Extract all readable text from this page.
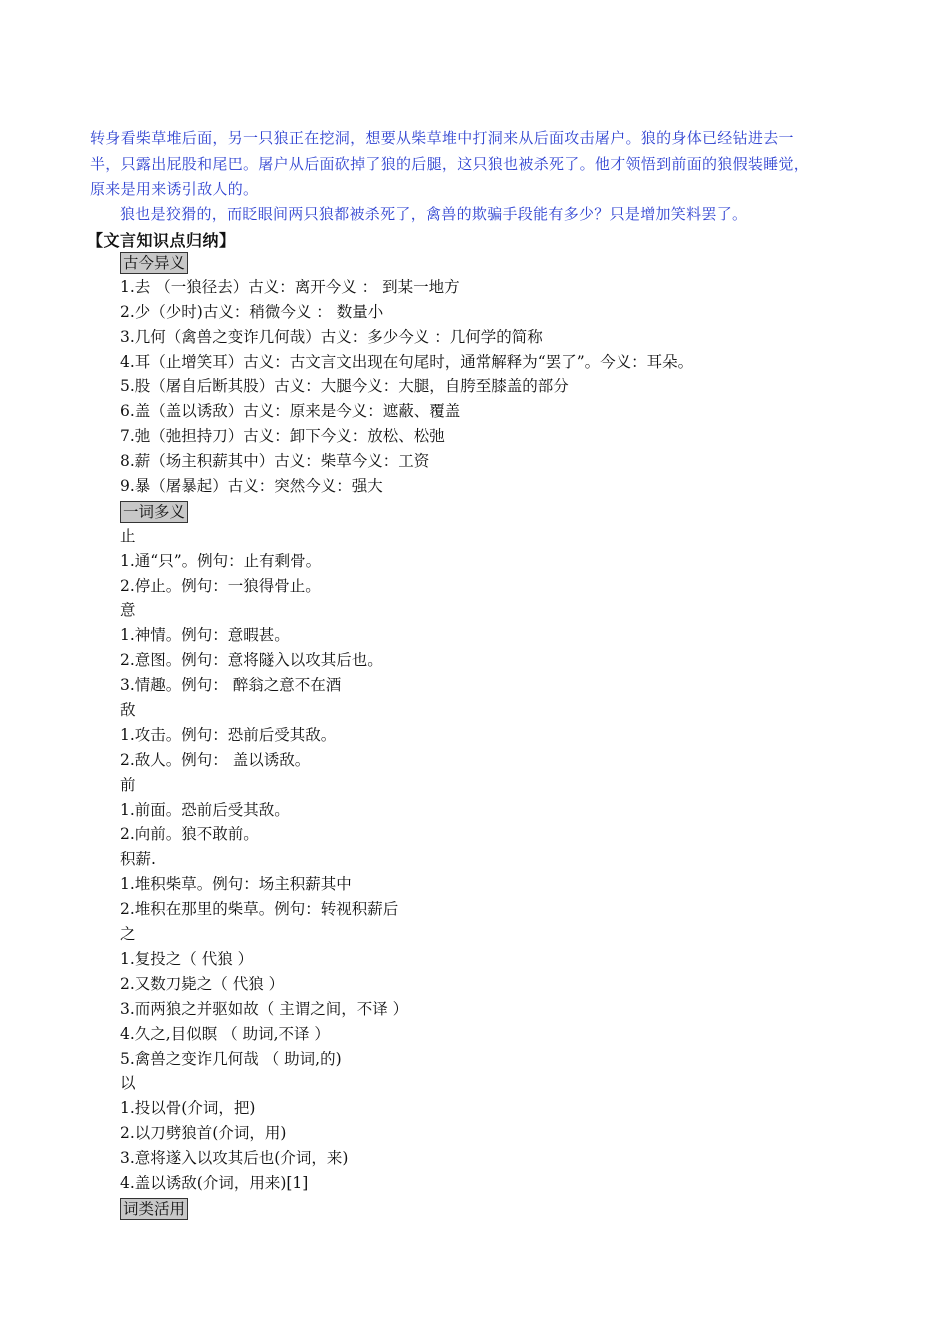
转身看柴草堆后面，另一只狼正在挖洞，想要从柴草堆中打洞来从后面攻击屠户。狼的身体已经钻进去一
半，只露出屁股和尾巴。屠户从后面砍掉了狼的后腿，这只狼也被杀死了。他才领悟到前面的狼假装睡觉，
原来是用来诱引敌人的。
狼也是狡猾的，而眨眼间两只狼都被杀死了，禽兽的欺骗手段能有多少？只是增加笑料罢了。
【文言知识点归纳】
古今异义
1.去 （一狼径去）古义：离开今义 ： 到某一地方
2.少（少时)古义：稍微今义 ： 数量小
3.几何（禽兽之变诈几何哉）古义：多少今义 ：几何学的简称
4.耳（止增笑耳）古义：古文言文出现在句尾时，通常解释为“罢了”。今义：耳朵。
5.股（屠自后断其股）古义：大腿今义：大腿，自胯至膝盖的部分
6.盖（盖以诱敌）古义：原来是今义：遮蔽、覆盖
7.弛（弛担持刀）古义：卸下今义：放松、松弛
8.薪（场主积薪其中）古义：柴草今义：工资
9.暴（屠暴起）古义：突然今义：强大
一词多义
止
1.通“只”。例句：止有剩骨。
2.停止。例句：一狼得骨止。
意
1.神情。例句：意暇甚。
2.意图。例句：意将隧入以攻其后也。
3.情趣。例句： 醉翁之意不在酒
敌
1.攻击。例句：恐前后受其敌。
2.敌人。例句： 盖以诱敌。
前
1.前面。恐前后受其敌。
2.向前。狼不敢前。
积薪.
1.堆积柴草。例句：场主积薪其中
2.堆积在那里的柴草。例句：转视积薪后
之
1.复投之（ 代狼 ）
2.又数刀毙之（ 代狼 ）
3.而两狼之并驱如故（ 主谓之间，不译 ）
4.久之,目似瞑 （ 助词,不译 ）
5.禽兽之变诈几何哉 （ 助词,的)
以
1.投以骨(介词，把)
2.以刀劈狼首(介词，用)
3.意将遂入以攻其后也(介词，来)
4.盖以诱敌(介词，用来)[1]
词类活用
